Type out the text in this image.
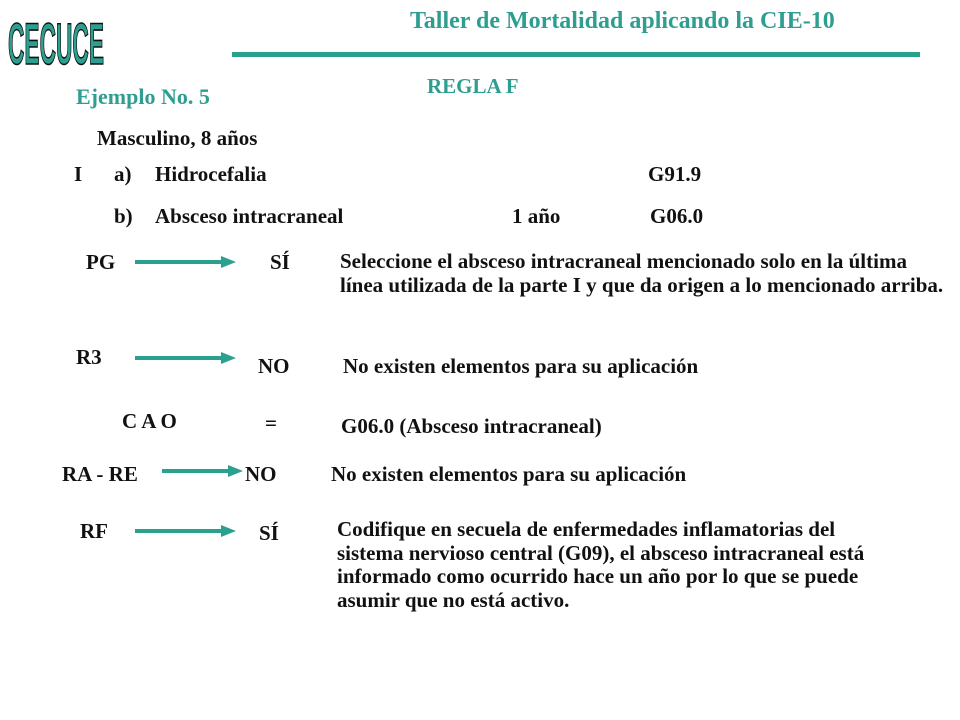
CECUCE	Taller de Mortalidad aplicando la CIE-10
REGLA F
Ejemplo No. 5
Masculino, 8 años
I a) Hidrocefalia	G91.9
b) Absceso intracraneal	1 año	G06.0
PG	SÍ Seleccione el absceso intracraneal mencionado solo en la última línea utilizada de la parte I y que da origen a lo mencionado arriba.
R3	NO	No existen elementos para su aplicación
C A O	=	G06.0 (Absceso intracraneal)
RA - RE	NO	No existen elementos para su aplicación
RF	SÍ	Codifique en secuela de enfermedades inflamatorias del sistema nervioso central (G09), el absceso intracraneal está informado como ocurrido hace un año por lo que se puede asumir que no está activo.
